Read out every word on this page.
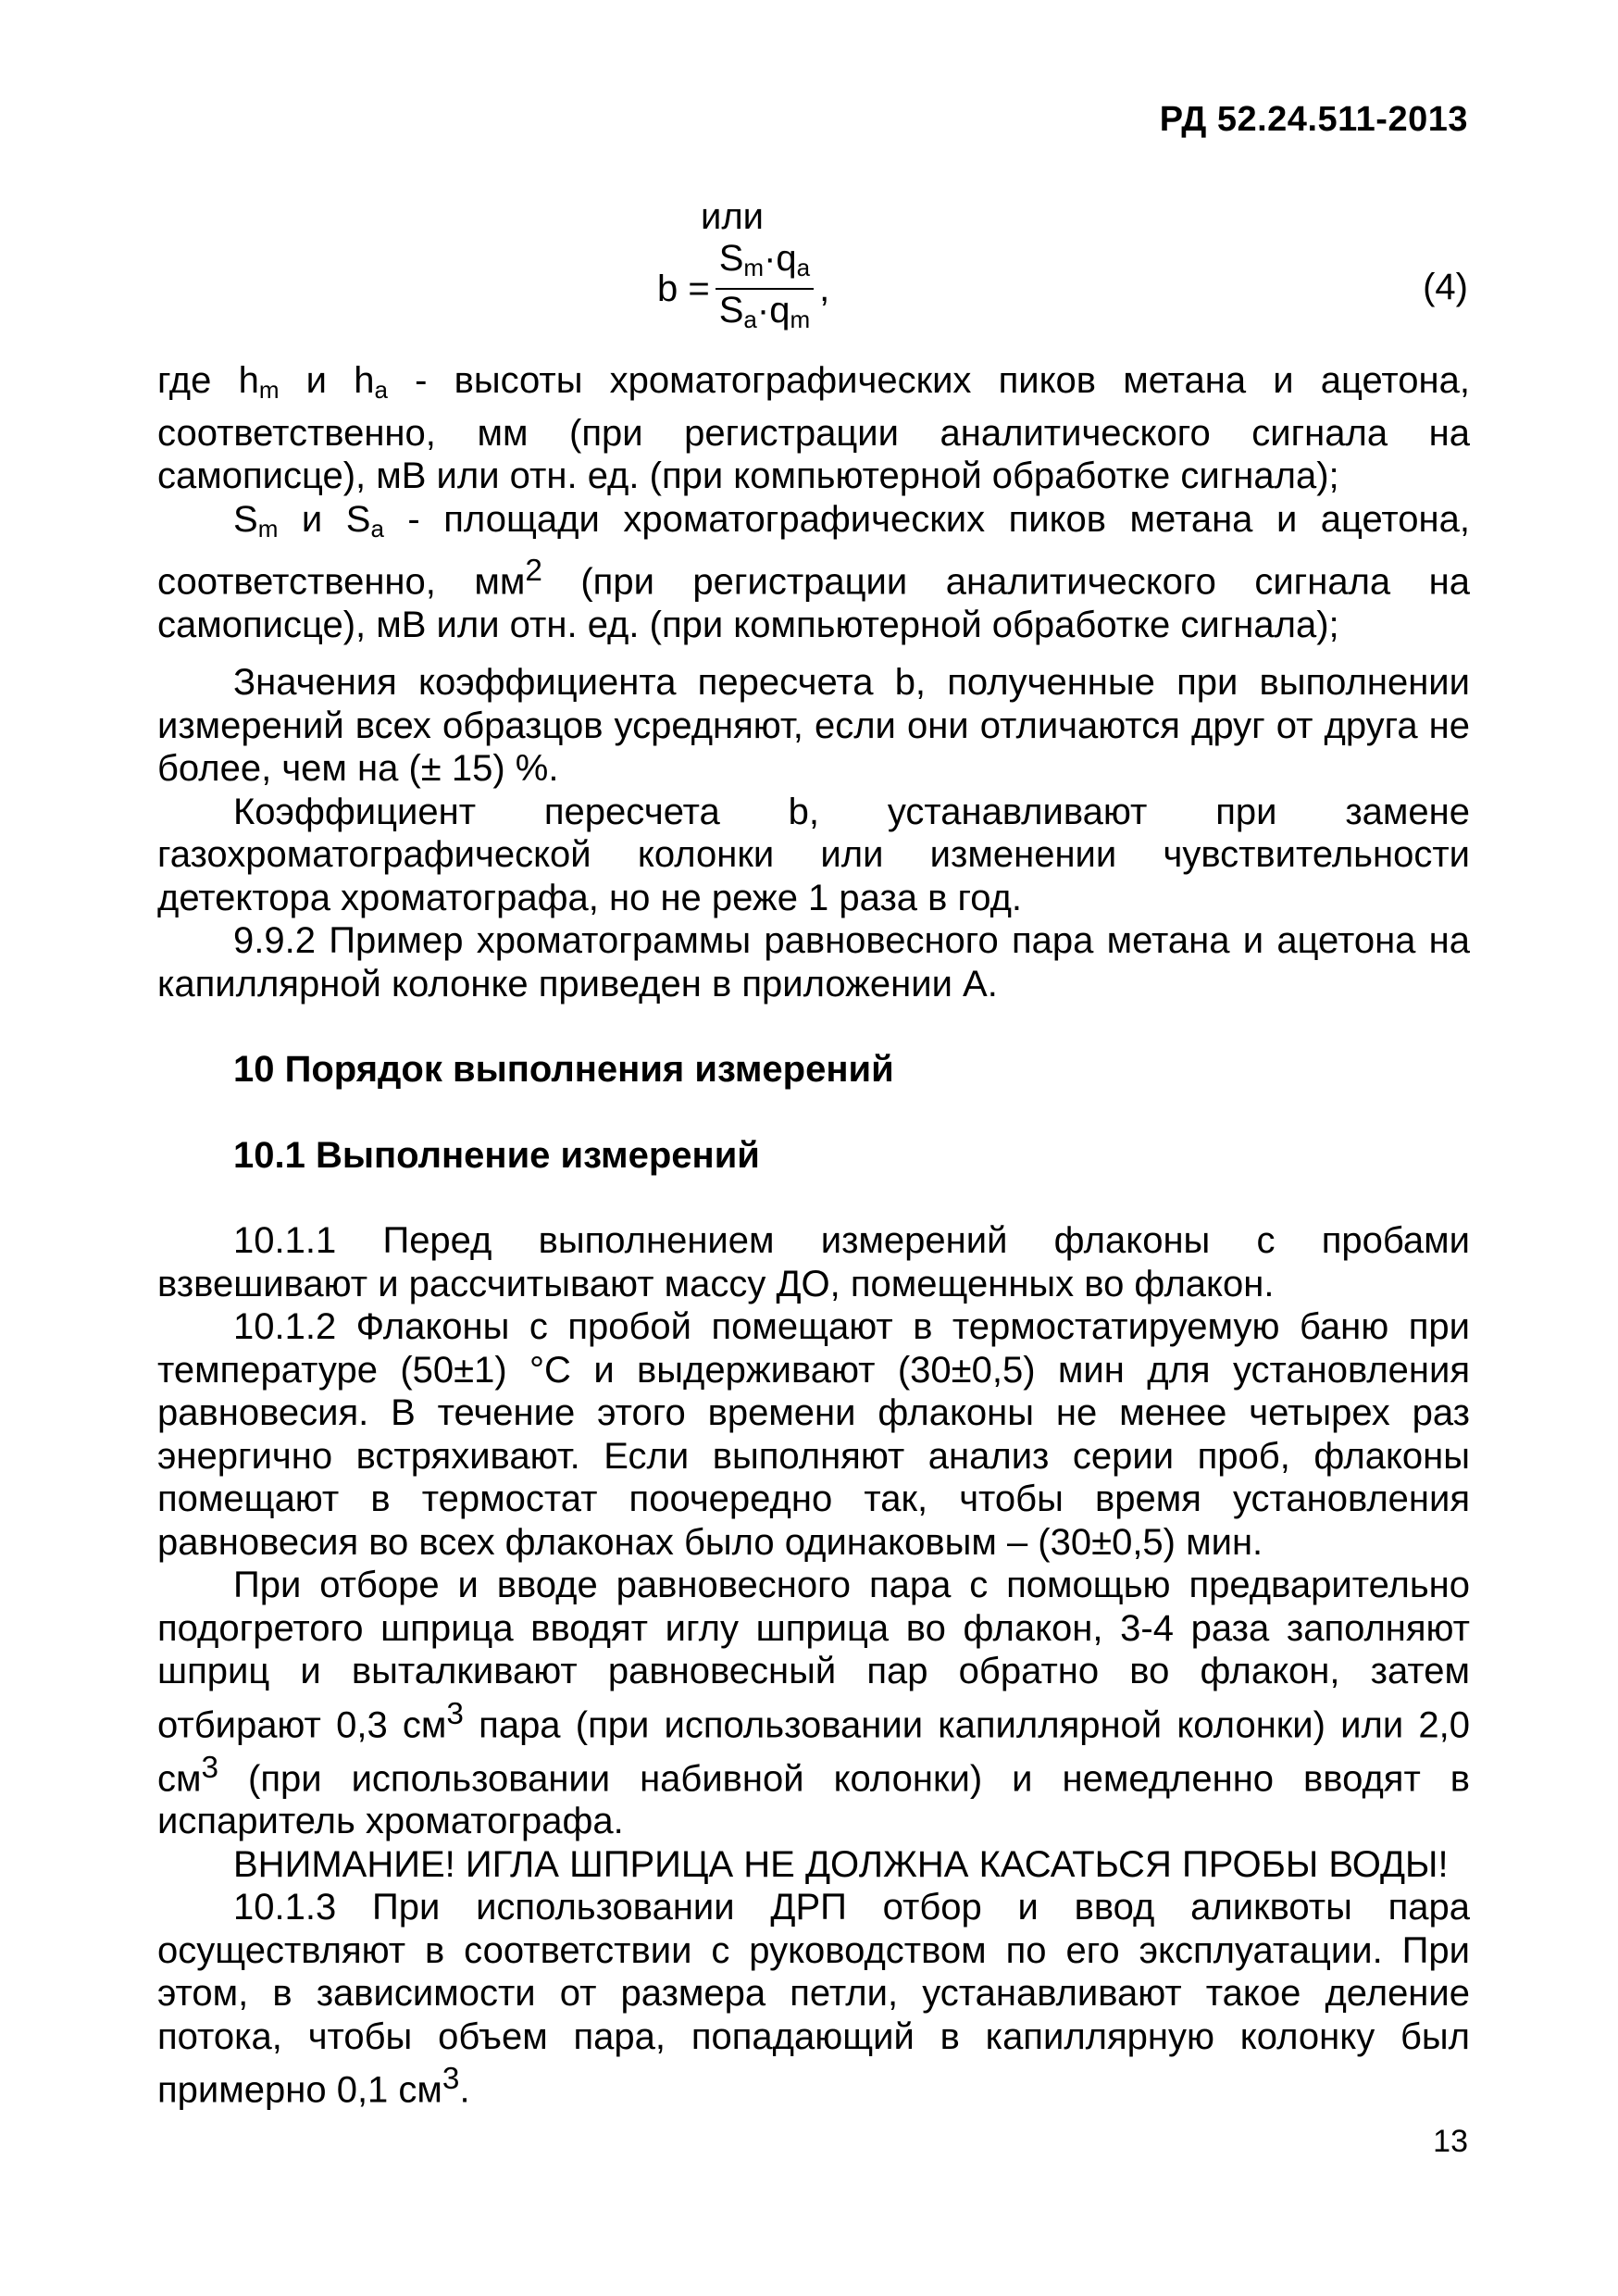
РД 52.24.511-2013
или
$b = \frac{S_m\cdot q_a}{S_a\cdot q_m}$ ,	(4)

где $h_m$ и $h_a$ - высоты хроматографических пиков метана и ацетона, соответственно, мм (при регистрации аналитического сигнала на самописце), мВ или отн. ед. (при компьютерной обработке сигнала);

$S_m$ и $S_a$ - площади хроматографических пиков метана и ацетона, соответственно, $мм^2$ (при регистрации аналитического сигнала на самописце), мВ или отн. ед. (при компьютерной обработке сигнала);

Значения коэффициента пересчета b, полученные при выполнении измерений всех образцов усредняют, если они отличаются друг от друга не более, чем на (± 15) %.

Коэффициент пересчета b, устанавливают при замене газохроматографической колонки или изменении чувствительности детектора хроматографа, но не реже 1 раза в год.

9.9.2 Пример хроматограммы равновесного пара метана и ацетона на капиллярной колонке приведен в приложении А.

10 Порядок выполнения измерений

10.1 Выполнение измерений

10.1.1 Перед выполнением измерений флаконы с пробами взвешивают и рассчитывают массу ДО, помещенных во флакон.

10.1.2 Флаконы с пробой помещают в термостатируемую баню при температуре (50±1) °С и выдерживают (30±0,5) мин для установления равновесия. В течение этого времени флаконы не менее четырех раз энергично встряхивают. Если выполняют анализ серии проб, флаконы помещают в термостат поочередно так, чтобы время установления равновесия во всех флаконах было одинаковым – (30±0,5) мин.

При отборе и вводе равновесного пара с помощью предварительно подогретого шприца вводят иглу шприца во флакон, 3-4 раза заполняют шприц и выталкивают равновесный пар обратно во флакон, затем отбирают 0,3 $см^3$ пара (при использовании капиллярной колонки) или 2,0 $см^3$ (при использовании набивной колонки) и немедленно вводят в испаритель хроматографа.

ВНИМАНИЕ! ИГЛА ШПРИЦА НЕ ДОЛЖНА КАСАТЬСЯ ПРОБЫ ВОДЫ!

10.1.3 При использовании ДРП отбор и ввод аликвоты пара осуществляют в соответствии с руководством по его эксплуатации. При этом, в зависимости от размера петли, устанавливают такое деление потока, чтобы объем пара, попадающий в капиллярную колонку был примерно 0,1 $см^3$.

13
